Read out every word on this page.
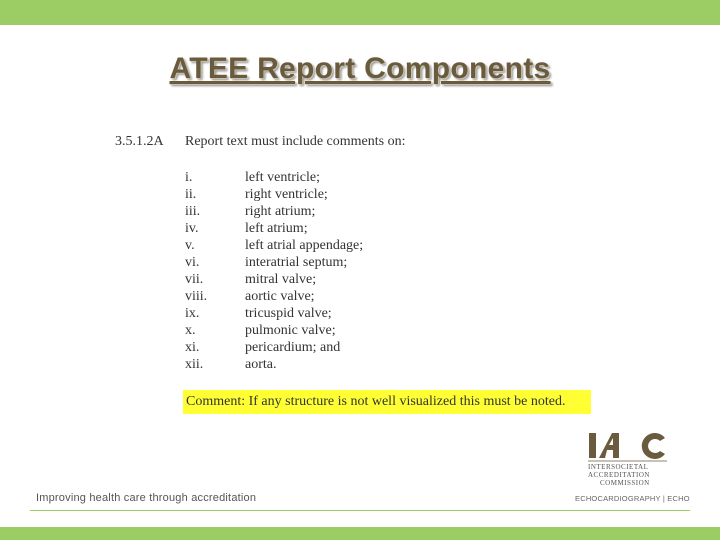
ATEE Report Components
3.5.1.2A Report text must include comments on:
i.	left ventricle;
ii.	right ventricle;
iii.	right atrium;
iv.	left atrium;
v.	left atrial appendage;
vi.	interatrial septum;
vii.	mitral valve;
viii.	aortic valve;
ix.	tricuspid valve;
x.	pulmonic valve;
xi.	pericardium; and
xii.	aorta.
Comment: If any structure is not well visualized this must be noted.
INTERSOCIETAL
ACCREDITATION
COMMISSION
ECHOCARDIOGRAPHY | ECHO
Improving health care through accreditation
